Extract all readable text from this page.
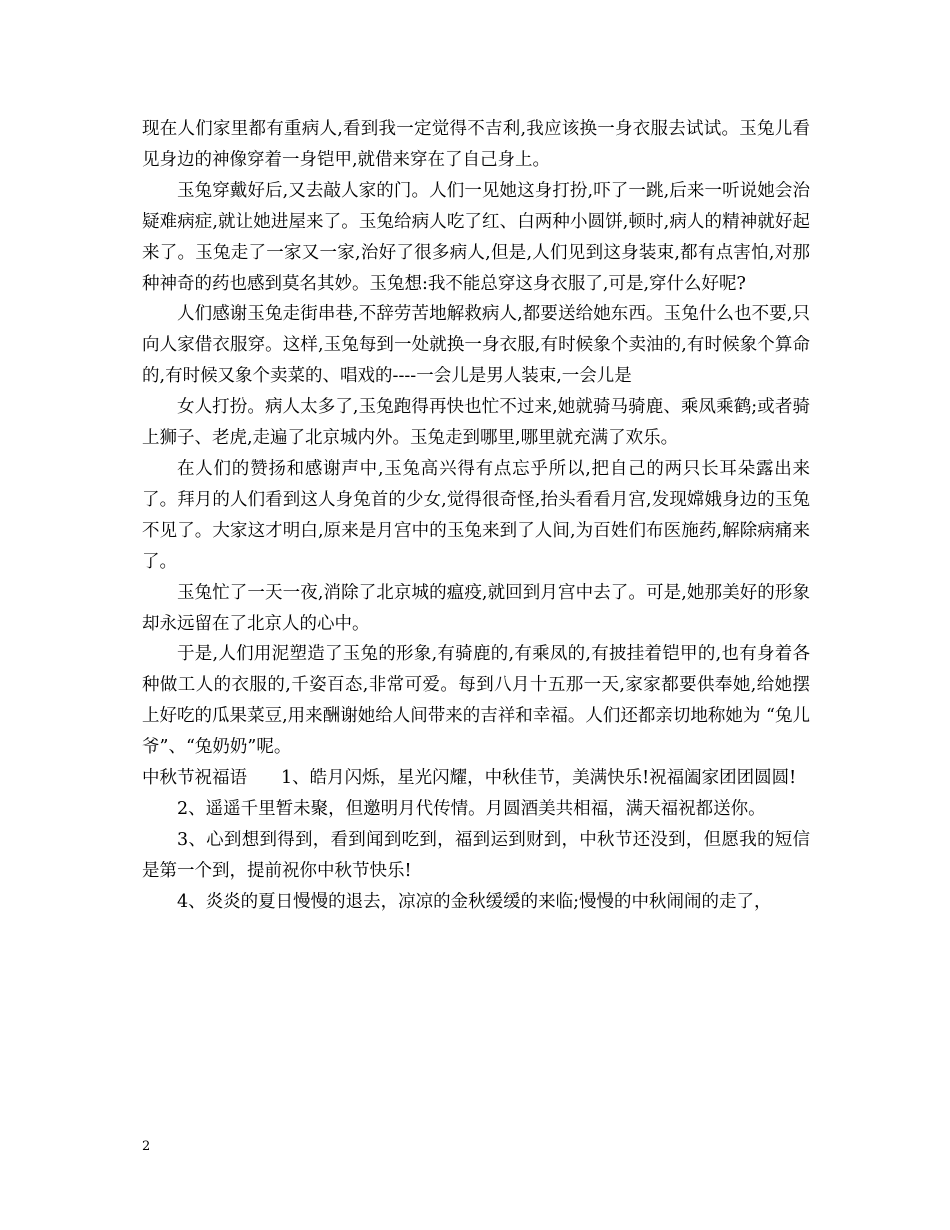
现在人们家里都有重病人,看到我一定觉得不吉利,我应该换一身衣服去试试。玉兔儿看见身边的神像穿着一身铠甲,就借来穿在了自己身上。

玉兔穿戴好后,又去敲人家的门。人们一见她这身打扮,吓了一跳,后来一听说她会治疑难病症,就让她进屋来了。玉兔给病人吃了红、白两种小圆饼,顿时,病人的精神就好起来了。玉兔走了一家又一家,治好了很多病人,但是,人们见到这身装束,都有点害怕,对那种神奇的药也感到莫名其妙。玉兔想:我不能总穿这身衣服了,可是,穿什么好呢?

人们感谢玉兔走街串巷,不辞劳苦地解救病人,都要送给她东西。玉兔什么也不要,只向人家借衣服穿。这样,玉兔每到一处就换一身衣服,有时候象个卖油的,有时候象个算命的,有时候又象个卖菜的、唱戏的----一会儿是男人装束,一会儿是

女人打扮。病人太多了,玉兔跑得再快也忙不过来,她就骑马骑鹿、乘凤乘鹤;或者骑上狮子、老虎,走遍了北京城内外。玉兔走到哪里,哪里就充满了欢乐。

在人们的赞扬和感谢声中,玉兔高兴得有点忘乎所以,把自己的两只长耳朵露出来了。拜月的人们看到这人身兔首的少女,觉得很奇怪,抬头看看月宫,发现嫦娥身边的玉兔不见了。大家这才明白,原来是月宫中的玉兔来到了人间,为百姓们布医施药,解除病痛来了。

玉兔忙了一天一夜,消除了北京城的瘟疫,就回到月宫中去了。可是,她那美好的形象却永远留在了北京人的心中。

于是,人们用泥塑造了玉兔的形象,有骑鹿的,有乘凤的,有披挂着铠甲的,也有身着各种做工人的衣服的,千姿百态,非常可爱。每到八月十五那一天,家家都要供奉她,给她摆上好吃的瓜果菜豆,用来酬谢她给人间带来的吉祥和幸福。人们还都亲切地称她为 “兔儿爷”、“兔奶奶”呢。

中秋节祝福语 1、皓月闪烁，星光闪耀，中秋佳节，美满快乐!祝福阖家团团圆圆!

2、遥遥千里暂未聚，但邀明月代传情。月圆酒美共相福，满天福祝都送你。

3、心到想到得到，看到闻到吃到，福到运到财到，中秋节还没到，但愿我的短信是第一个到，提前祝你中秋节快乐!

4、炎炎的夏日慢慢的退去，凉凉的金秋缓缓的来临;慢慢的中秋闹闹的走了，

2
